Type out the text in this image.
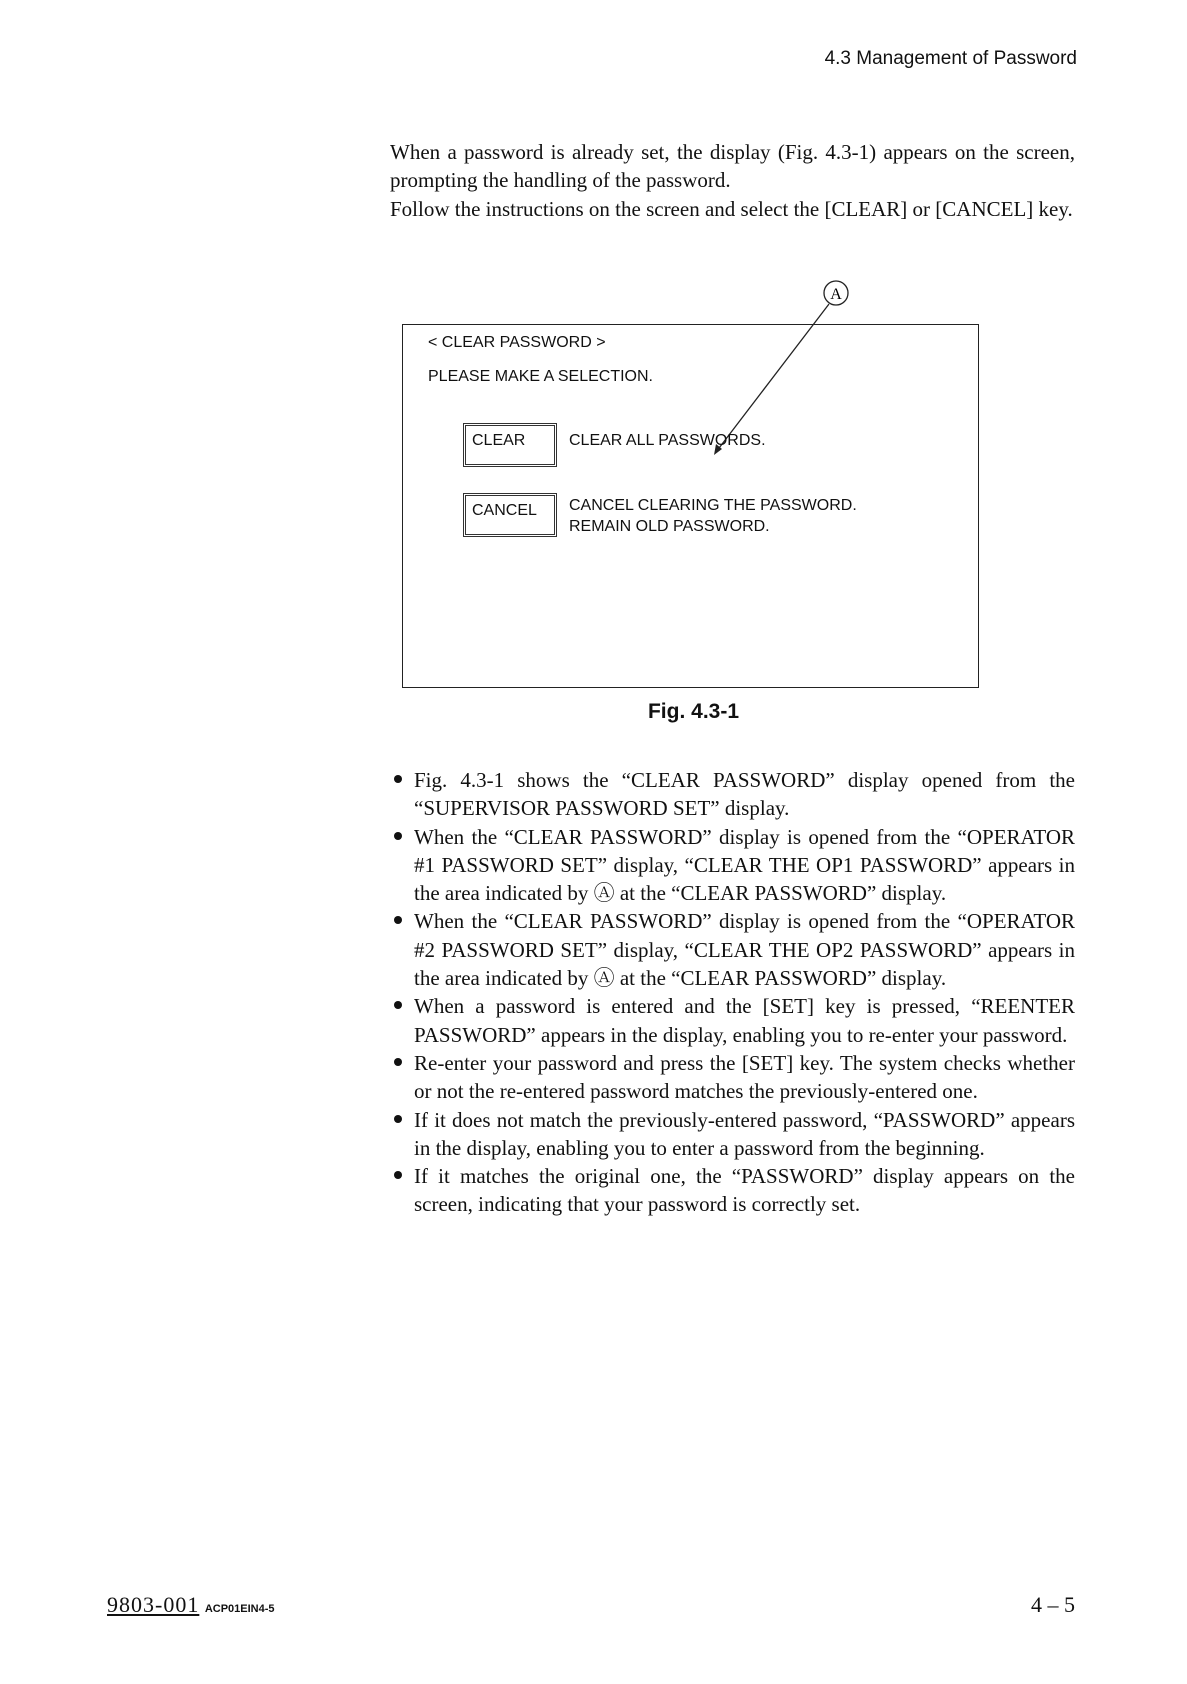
4.3 Management of Password

When a password is already set, the display (Fig. 4.3-1) appears on the screen, prompting the handling of the password.

Follow the instructions on the screen and select the [CLEAR] or [CANCEL] key.

A
< CLEAR PASSWORD >
PLEASE MAKE A SELECTION.
CLEAR	CLEAR ALL PASSWORDS.
CANCEL	CANCEL CLEARING THE PASSWORD.
REMAIN OLD PASSWORD.
Fig. 4.3-1
Fig. 4.3-1 shows the “CLEAR PASSWORD” display opened from the “SUPERVISOR PASSWORD SET” display.
When the “CLEAR PASSWORD” display is opened from the “OPERATOR #1 PASSWORD SET” display, “CLEAR THE OP1 PASSWORD” appears in the area indicated by Ⓐ at the “CLEAR PASSWORD” display.
When the “CLEAR PASSWORD” display is opened from the “OPERATOR #2 PASSWORD SET” display, “CLEAR THE OP2 PASSWORD” appears in the area indicated by Ⓐ at the “CLEAR PASSWORD” display.
When a password is entered and the [SET] key is pressed, “REENTER PASSWORD” appears in the display, enabling you to re-enter your password.
Re-enter your password and press the [SET] key. The system checks whether or not the re-entered password matches the previously-entered one.
If it does not match the previously-entered password, “PASSWORD” appears in the display, enabling you to enter a password from the beginning.
If it matches the original one, the “PASSWORD” display appears on the screen, indicating that your password is correctly set.
9803-001 ACP01EIN4-5	4 – 5
